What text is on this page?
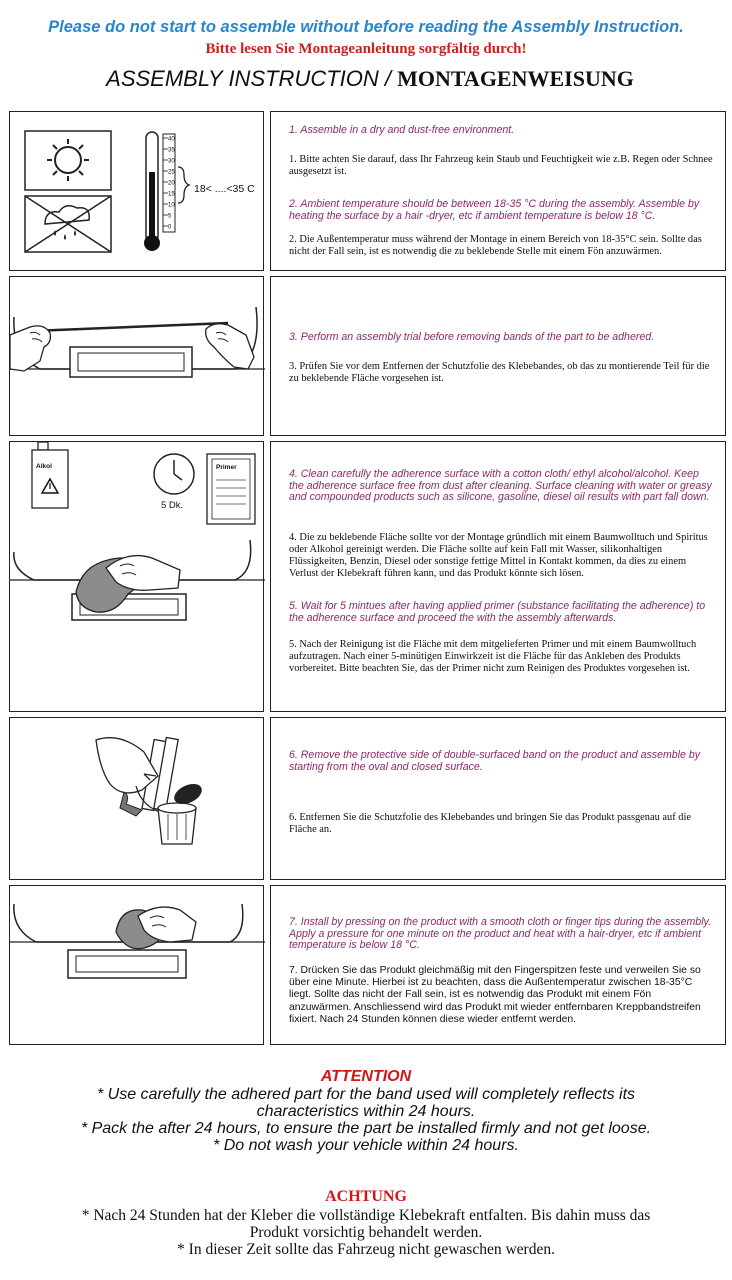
Please do not start to assemble without before reading the Assembly Instruction.
Bitte lesen Sie Montageanleitung sorgfältig durch!
ASSEMBLY INSTRUCTION / MONTAGENWEISUNG
40
35
30
25
20
15
10
5
0
18< ....<35 C
1. Assemble in a dry and dust-free environment.
1. Bitte achten Sie darauf, dass Ihr Fahrzeug kein Staub und Feuchtigkeit wie z.B. Regen oder Schnee ausgesetzt ist.
2. Ambient temperature should be between 18-35 °C during the assembly. Assemble by heating the surface by a hair -dryer, etc if ambient temperature is below 18 °C.
2. Die Außentemperatur muss während der Montage in einem Bereich von 18-35°C sein. Sollte das nicht der Fall sein, ist es notwendig die zu beklebende Stelle mit einem Fön anzuwärmen.
3. Perform an assembly trial before removing bands of the part to be adhered.
3. Prüfen Sie vor dem Entfernen der Schutzfolie des Klebebandes, ob das zu montierende Teil für die zu beklebende Fläche vorgesehen ist.
Alkol
5 Dk.
Primer
4. Clean carefully the adherence surface with a cotton cloth/ ethyl alcohol/alcohol. Keep the adherence surface free from dust after cleaning. Surface cleaning with water or greasy and compounded products such as silicone, gasoline, diesel oil results with part fall down.
4. Die zu beklebende Fläche sollte vor der Montage gründlich mit einem Baumwolltuch und Spiritus oder Alkohol gereinigt werden. Die Fläche sollte auf kein Fall mit Wasser, silikonhaltigen Flüssigkeiten, Benzin, Diesel oder sonstige fettige Mittel in Kontakt kommen, da dies zu einem Verlust der Klebekraft führen kann, und das Produkt könnte sich lösen.
5. Wait for 5 mintues after having applied primer (substance facilitating the adherence) to the adherence surface and proceed the with the assembly afterwards.
5. Nach der Reinigung ist die Fläche mit dem mitgelieferten Primer und mit einem Baumwolltuch aufzutragen. Nach einer 5-minütigen Einwirkzeit ist die Fläche für das Ankleben des Produkts vorbereitet. Bitte beachten Sie, das der Primer nicht zum Reinigen des Produktes vorgesehen ist.
6. Remove the protective side of double-surfaced band on the product and assemble by starting from the oval and closed surface.
6. Entfernen Sie die Schutzfolie des Klebebandes und bringen Sie das Produkt passgenau auf die Fläche an.
7. Install by pressing on the product with a smooth cloth or finger tips during the assembly. Apply a pressure for one minute on the product and heat with a hair-dryer, etc if ambient temperature is below 18 °C.
7. Drücken Sie das Produkt gleichmäßig mit den Fingerspitzen feste und verweilen Sie so über eine Minute. Hierbei ist zu beachten, dass die Außentemperatur zwischen 18-35°C liegt. Sollte das nicht der Fall sein, ist es notwendig das Produkt mit einem Fön anzuwärmen. Anschliessend wird das Produkt mit wieder entfernbaren Kreppbandstreifen fixiert. Nach 24 Stunden können diese wieder entfernt werden.
ATTENTION
* Use carefully the adhered part for the band used will completely reflects its
characteristics within 24 hours.
* Pack the after 24 hours, to ensure the part be installed firmly and not get loose.
* Do not wash your vehicle within 24 hours.
ACHTUNG
* Nach 24 Stunden hat der Kleber die vollständige Klebekraft entfalten. Bis dahin muss das
Produkt vorsichtig behandelt werden.
* In dieser Zeit sollte das Fahrzeug nicht gewaschen werden.
